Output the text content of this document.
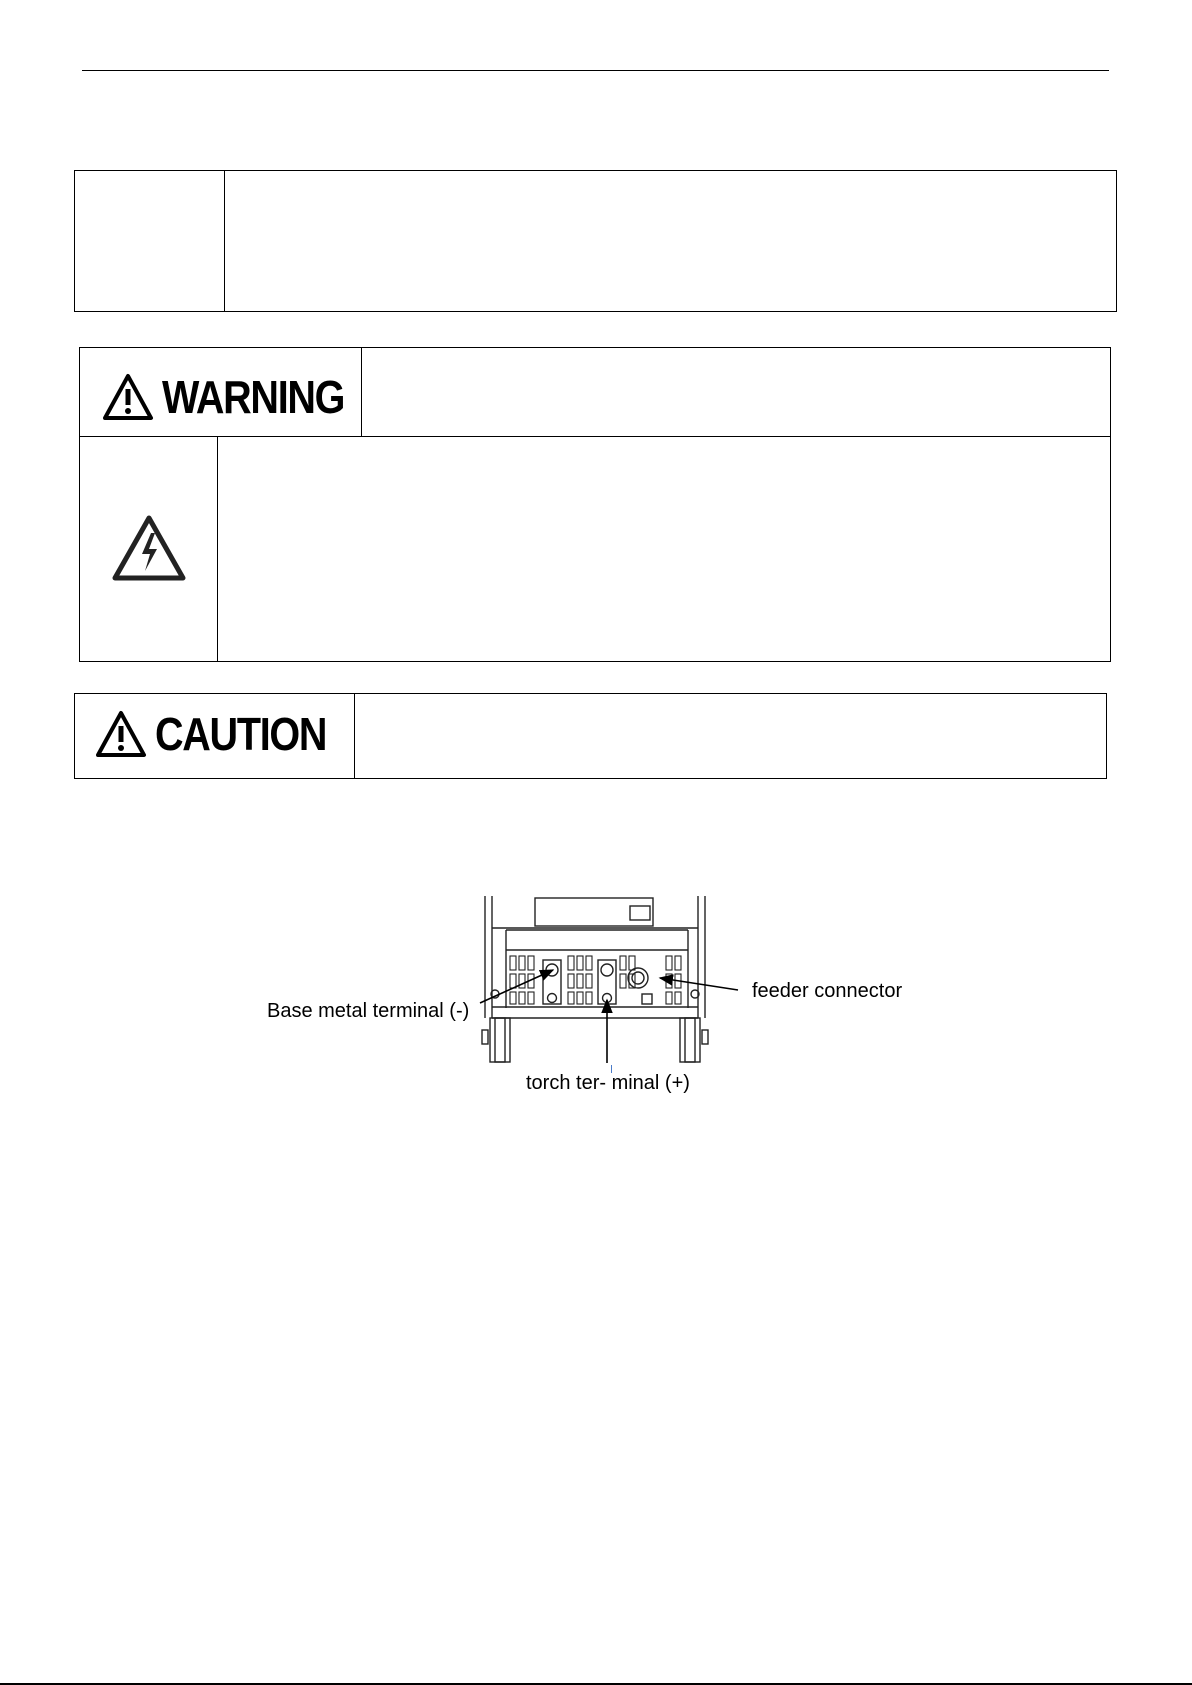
WARNING
CAUTION
Base metal terminal (-)
feeder connector
torch ter- minal (+)
